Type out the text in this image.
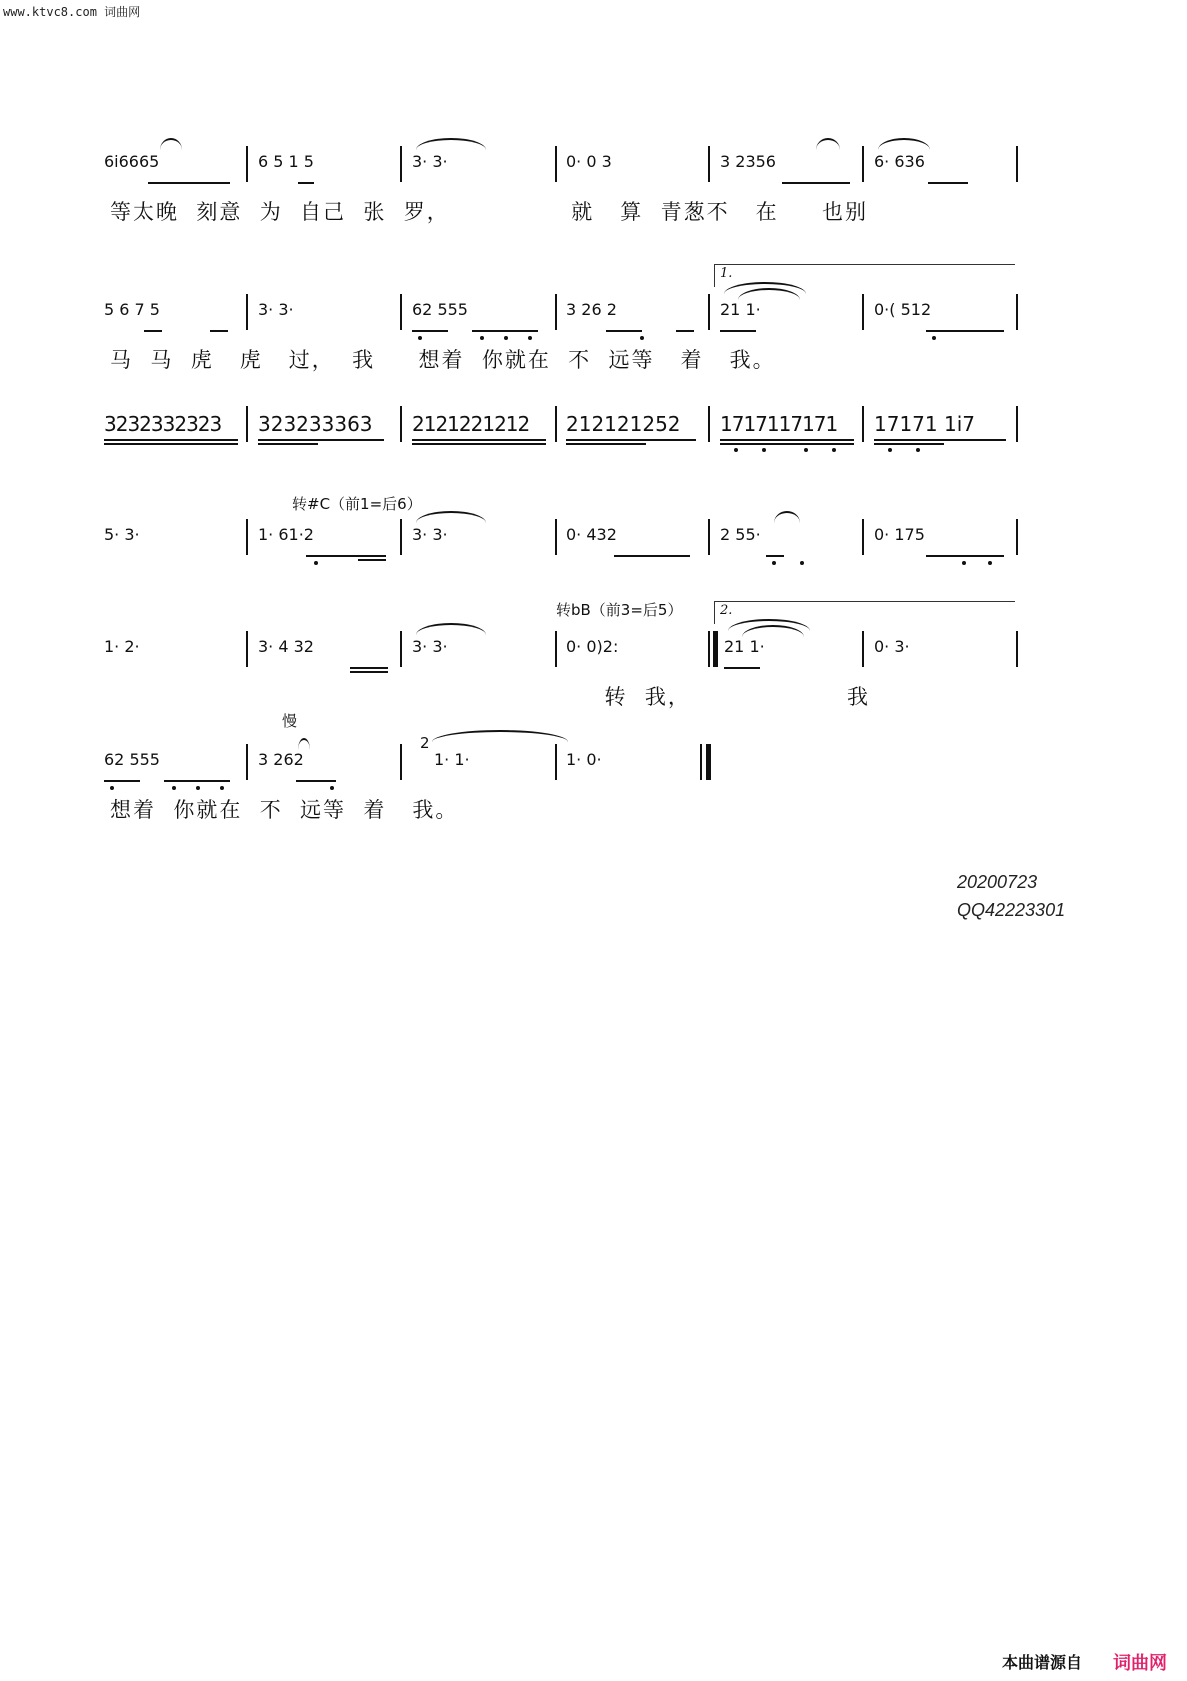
www.ktvc8.com 词曲网
6i6665	6 5 1 5	3· 3·	0· 0 3	3 2356	6· 636
等太晚  刻意  为  自己  张  罗，              就   算  青葱不   在     也别
1.
5 6 7 5	3· 3·	62 555	3 26 2	21 1·	0·( 512
马  马  虎   虎   过，  我     想着  你就在  不  远等   着   我。
3232332323 323233363 2121221212 212121252 1717117171 17171 1i7
转#C（前1=后6）
5· 3·	1· 61·2	3· 3·	0· 432	2 55·	0· 175
转bB（前3=后5）	2.
1· 2·	3· 4 32	3· 3·	0· 0)2:	21 1·	0· 3·
转  我，                  我
慢
62 555	3 262
2
1· 1·	1· 0·
想着  你就在  不  远等  着   我。
20200723
QQ42223301
本曲谱源自 词曲网
